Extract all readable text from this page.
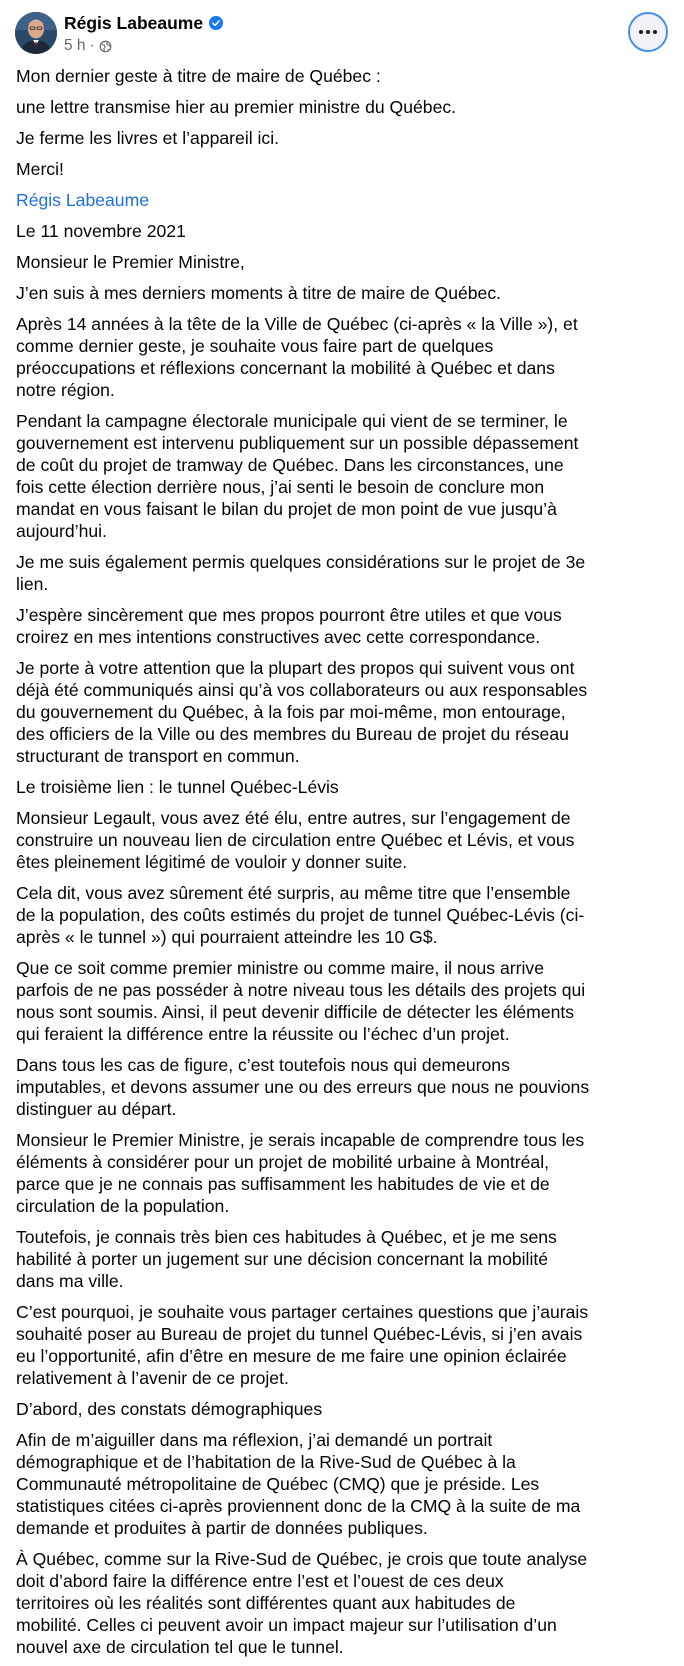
Régis Labeaume
5 h ·

Mon dernier geste à titre de maire de Québec :

une lettre transmise hier au premier ministre du Québec.

Je ferme les livres et l’appareil ici.

Merci!

Régis Labeaume

Le 11 novembre 2021

Monsieur le Premier Ministre,

J’en suis à mes derniers moments à titre de maire de Québec.

Après 14 années à la tête de la Ville de Québec (ci-après « la Ville »), et
comme dernier geste, je souhaite vous faire part de quelques
préoccupations et réflexions concernant la mobilité à Québec et dans
notre région.

Pendant la campagne électorale municipale qui vient de se terminer, le
gouvernement est intervenu publiquement sur un possible dépassement
de coût du projet de tramway de Québec. Dans les circonstances, une
fois cette élection derrière nous, j’ai senti le besoin de conclure mon
mandat en vous faisant le bilan du projet de mon point de vue jusqu’à
aujourd’hui.

Je me suis également permis quelques considérations sur le projet de 3e
lien.

J’espère sincèrement que mes propos pourront être utiles et que vous
croirez en mes intentions constructives avec cette correspondance.

Je porte à votre attention que la plupart des propos qui suivent vous ont
déjà été communiqués ainsi qu’à vos collaborateurs ou aux responsables
du gouvernement du Québec, à la fois par moi-même, mon entourage,
des officiers de la Ville ou des membres du Bureau de projet du réseau
structurant de transport en commun.

Le troisième lien : le tunnel Québec-Lévis

Monsieur Legault, vous avez été élu, entre autres, sur l’engagement de
construire un nouveau lien de circulation entre Québec et Lévis, et vous
êtes pleinement légitimé de vouloir y donner suite.

Cela dit, vous avez sûrement été surpris, au même titre que l’ensemble
de la population, des coûts estimés du projet de tunnel Québec-Lévis (ci-
après « le tunnel ») qui pourraient atteindre les 10 G$.

Que ce soit comme premier ministre ou comme maire, il nous arrive
parfois de ne pas posséder à notre niveau tous les détails des projets qui
nous sont soumis. Ainsi, il peut devenir difficile de détecter les éléments
qui feraient la différence entre la réussite ou l’échec d’un projet.

Dans tous les cas de figure, c’est toutefois nous qui demeurons
imputables, et devons assumer une ou des erreurs que nous ne pouvions
distinguer au départ.

Monsieur le Premier Ministre, je serais incapable de comprendre tous les
éléments à considérer pour un projet de mobilité urbaine à Montréal,
parce que je ne connais pas suffisamment les habitudes de vie et de
circulation de la population.

Toutefois, je connais très bien ces habitudes à Québec, et je me sens
habilité à porter un jugement sur une décision concernant la mobilité
dans ma ville.

C’est pourquoi, je souhaite vous partager certaines questions que j’aurais
souhaité poser au Bureau de projet du tunnel Québec-Lévis, si j’en avais
eu l’opportunité, afin d’être en mesure de me faire une opinion éclairée
relativement à l’avenir de ce projet.

D’abord, des constats démographiques

Afin de m’aiguiller dans ma réflexion, j’ai demandé un portrait
démographique et de l’habitation de la Rive-Sud de Québec à la
Communauté métropolitaine de Québec (CMQ) que je préside. Les
statistiques citées ci-après proviennent donc de la CMQ à la suite de ma
demande et produites à partir de données publiques.

À Québec, comme sur la Rive-Sud de Québec, je crois que toute analyse
doit d’abord faire la différence entre l’est et l’ouest de ces deux
territoires où les réalités sont différentes quant aux habitudes de
mobilité. Celles ci peuvent avoir un impact majeur sur l’utilisation d’un
nouvel axe de circulation tel que le tunnel.
